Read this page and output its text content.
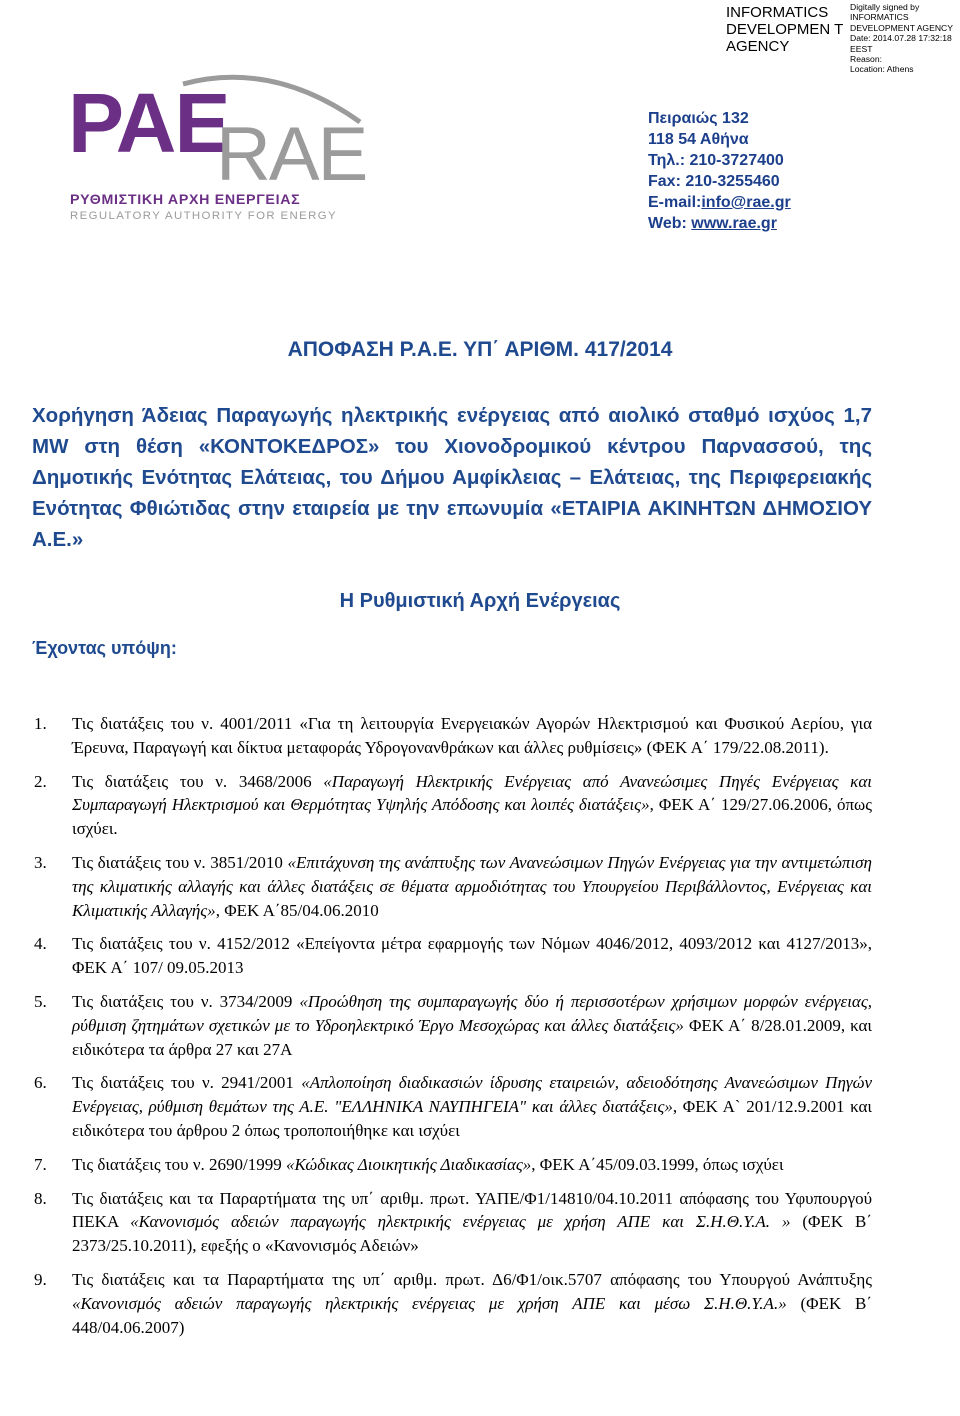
INFORMATICS DEVELOPMEN T AGENCY
Digitally signed by
INFORMATICS
DEVELOPMENT AGENCY
Date: 2014.07.28 17:32:18
EEST
Reason:
Location: Athens
PAE
RAE
ΡΥΘΜΙΣΤΙΚΗ ΑΡΧΗ ΕΝΕΡΓΕΙΑΣ
REGULATORY AUTHORITY FOR ENERGY
Πειραιώς 132
118 54 Αθήνα
Τηλ.: 210-3727400
Fax: 210-3255460
E-mail:info@rae.gr
Web: www.rae.gr
ΑΠΟΦΑΣΗ Ρ.Α.Ε. ΥΠ΄ ΑΡΙΘΜ. 417/2014
Χορήγηση Άδειας Παραγωγής ηλεκτρικής ενέργειας από αιολικό σταθμό ισχύος 1,7 MW στη θέση «ΚΟΝΤΟΚΕΔΡΟΣ» του Χιονοδρομικού κέντρου Παρνασσού, της Δημοτικής Ενότητας Ελάτειας, του Δήμου Αμφίκλειας – Ελάτειας, της Περιφερειακής Ενότητας Φθιώτιδας στην εταιρεία με την επωνυμία «ΕΤΑΙΡΙΑ ΑΚΙΝΗΤΩΝ ΔΗΜΟΣΙΟΥ Α.Ε.»
Η Ρυθμιστική Αρχή Ενέργειας
Έχοντας υπόψη:
1.	Τις διατάξεις του ν. 4001/2011 «Για τη λειτουργία Ενεργειακών Αγορών Ηλεκτρισμού και Φυσικού Αερίου, για Έρευνα, Παραγωγή και δίκτυα μεταφοράς Υδρογονανθράκων και άλλες ρυθμίσεις» (ΦΕΚ Α΄ 179/22.08.2011).
2.	Τις διατάξεις του ν. 3468/2006 «Παραγωγή Ηλεκτρικής Ενέργειας από Ανανεώσιμες Πηγές Ενέργειας και Συμπαραγωγή Ηλεκτρισμού και Θερμότητας Υψηλής Απόδοσης και λοιπές διατάξεις», ΦΕΚ Α΄ 129/27.06.2006, όπως ισχύει.
3.	Τις διατάξεις του ν. 3851/2010 «Επιτάχυνση της ανάπτυξης των Ανανεώσιμων Πηγών Ενέργειας για την αντιμετώπιση της κλιματικής αλλαγής και άλλες διατάξεις σε θέματα αρμοδιότητας του Υπουργείου Περιβάλλοντος, Ενέργειας και Κλιματικής Αλλαγής», ΦΕΚ Α΄85/04.06.2010
4.	Τις διατάξεις του ν. 4152/2012 «Επείγοντα μέτρα εφαρμογής των Νόμων 4046/2012, 4093/2012 και 4127/2013», ΦΕΚ Α΄ 107/ 09.05.2013
5.	Τις διατάξεις του ν. 3734/2009 «Προώθηση της συμπαραγωγής δύο ή περισσοτέρων χρήσιμων μορφών ενέργειας, ρύθμιση ζητημάτων σχετικών με το Υδροηλεκτρικό Έργο Μεσοχώρας και άλλες διατάξεις» ΦΕΚ Α΄ 8/28.01.2009, και ειδικότερα τα άρθρα 27 και 27Α
6.	Τις διατάξεις του ν. 2941/2001 «Απλοποίηση διαδικασιών ίδρυσης εταιρειών, αδειοδότησης Ανανεώσιμων Πηγών Ενέργειας, ρύθμιση θεμάτων της Α.Ε. "ΕΛΛΗΝΙΚΑ ΝΑΥΠΗΓΕΙΑ" και άλλες διατάξεις», ΦΕΚ Α` 201/12.9.2001 και ειδικότερα του άρθρου 2 όπως τροποποιήθηκε και ισχύει
7.	Τις διατάξεις του ν. 2690/1999 «Κώδικας Διοικητικής Διαδικασίας», ΦΕΚ Α΄45/09.03.1999, όπως ισχύει
8.	Τις διατάξεις και τα Παραρτήματα της υπ΄ αριθμ. πρωτ. ΥΑΠΕ/Φ1/14810/04.10.2011 απόφασης του Υφυπουργού ΠΕΚΑ «Κανονισμός αδειών παραγωγής ηλεκτρικής ενέργειας με χρήση ΑΠΕ και Σ.Η.Θ.Υ.Α. » (ΦΕΚ Β΄ 2373/25.10.2011), εφεξής ο «Κανονισμός Αδειών»
9.	Τις διατάξεις και τα Παραρτήματα της υπ΄ αριθμ. πρωτ. Δ6/Φ1/οικ.5707 απόφασης του Υπουργού Ανάπτυξης «Κανονισμός αδειών παραγωγής ηλεκτρικής ενέργειας με χρήση ΑΠΕ και μέσω Σ.Η.Θ.Υ.Α.» (ΦΕΚ Β΄ 448/04.06.2007)
